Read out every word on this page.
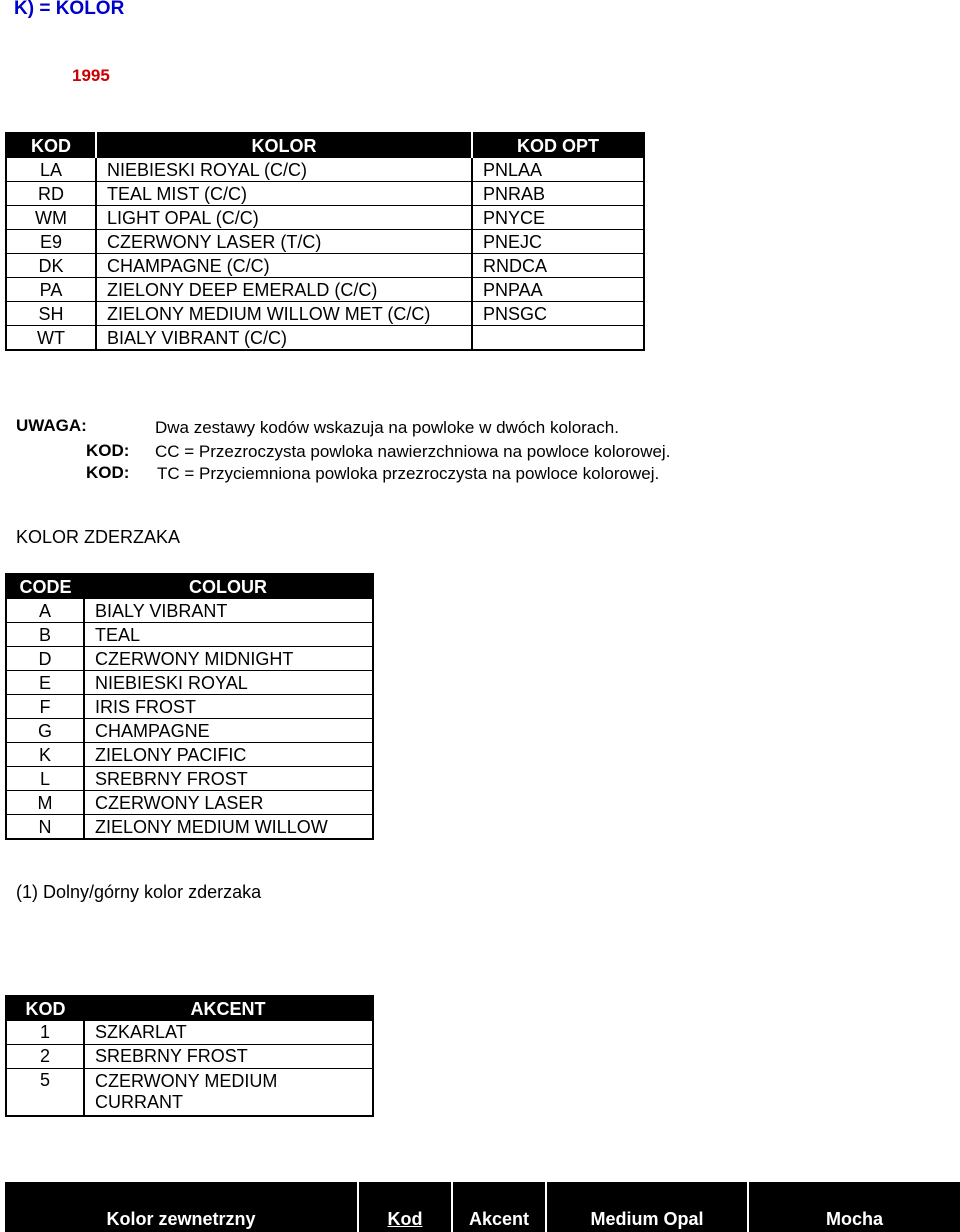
K) = KOLOR
1995
KOD	KOLOR	KOD OPT
LA	NIEBIESKI ROYAL (C/C)	PNLAA
RD	TEAL MIST (C/C)	PNRAB
WM	LIGHT OPAL (C/C)	PNYCE
E9	CZERWONY LASER (T/C)	PNEJC
DK	CHAMPAGNE (C/C)	RNDCA
PA	ZIELONY DEEP EMERALD (C/C)	PNPAA
SH	ZIELONY MEDIUM WILLOW MET (C/C)	PNSGC
WT	BIALY VIBRANT (C/C)	
UWAGA:	Dwa zestawy kodów wskazuja na powloke w dwóch kolorach.
KOD: CC = Przezroczysta powloka nawierzchniowa na powloce kolorowej.
KOD: TC = Przyciemniona powloka przezroczysta na powloce kolorowej.
KOLOR ZDERZAKA
CODE	COLOUR
A	BIALY VIBRANT
B	TEAL
D	CZERWONY MIDNIGHT
E	NIEBIESKI ROYAL
F	IRIS FROST
G	CHAMPAGNE
K	ZIELONY PACIFIC
L	SREBRNY FROST
M	CZERWONY LASER
N	ZIELONY MEDIUM WILLOW
(1) Dolny/górny kolor zderzaka
KOD	AKCENT
1	SZKARLAT
2	SREBRNY FROST
5	CZERWONY MEDIUM CURRANT
Kolor zewnetrzny	Kod	Akcent	Medium Opal	Mocha
